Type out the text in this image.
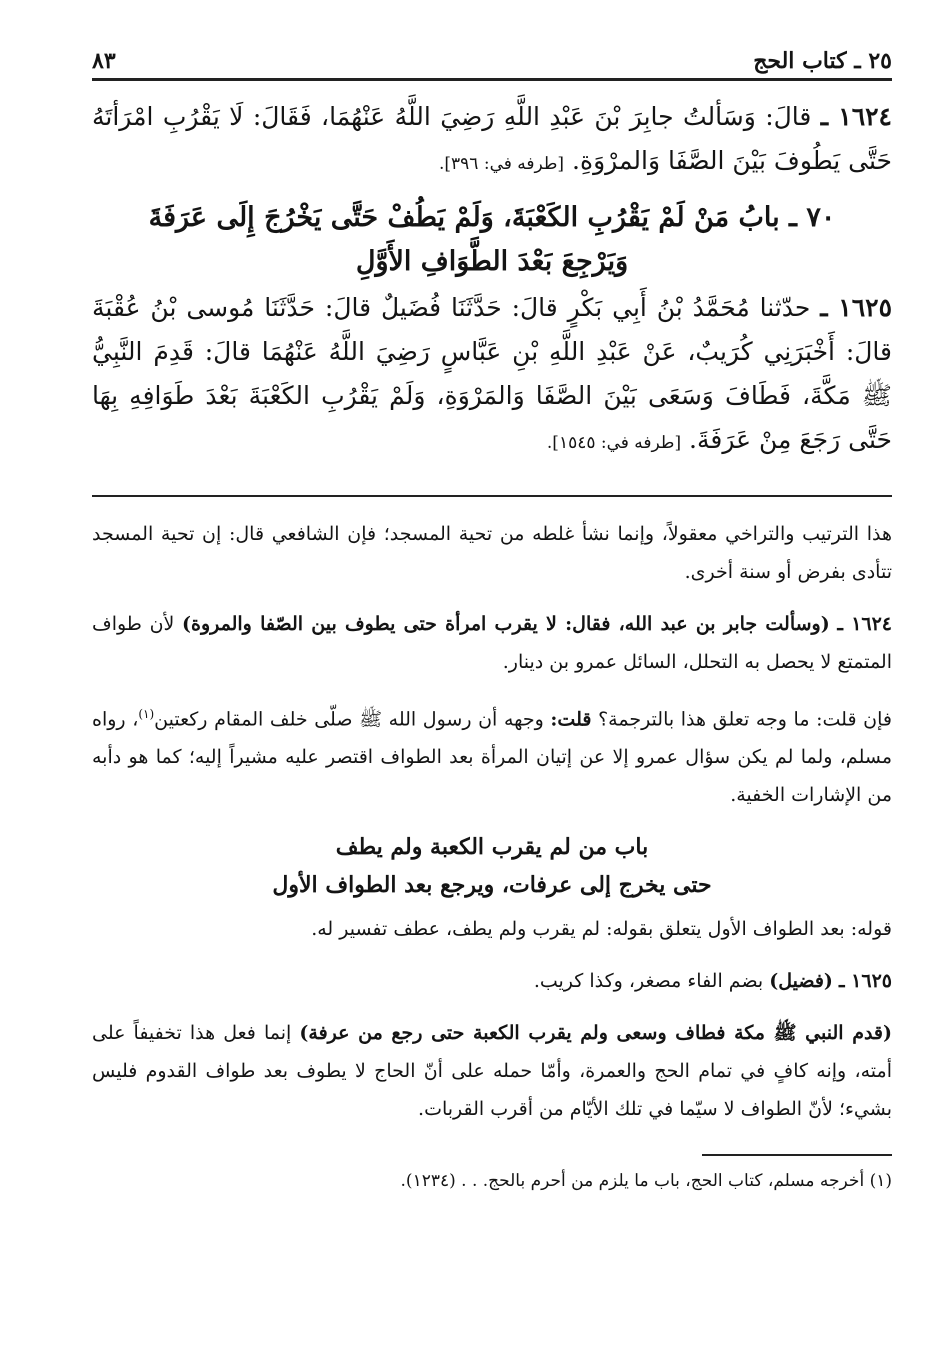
٢٥ ـ كتاب الحج
٨٣

١٦٢٤ ـ قالَ: وَسَألتُ جابِرَ بْنَ عَبْدِ اللَّهِ رَضِيَ اللَّهُ عَنْهُمَا، فَقَالَ: لَا يَقْرُبِ امْرَأتَهُ حَتَّى يَطُوفَ بَيْنَ الصَّفَا وَالمرْوَةِ. [طرفه في: ٣٩٦].

٧٠ ـ بابُ مَنْ لَمْ يَقْرُبِ الكَعْبَةَ، وَلَمْ يَطُفْ حَتَّى يَخْرُجَ إِلَى عَرَفَةَ
وَيَرْجِعَ بَعْدَ الطَّوَافِ الأَوَّلِ

١٦٢٥ ـ حدّثنا مُحَمَّدُ بْنُ أَبِي بَكْرٍ قالَ: حَدَّثَنَا فُضَيلٌ قالَ: حَدَّثَنَا مُوسى بْنُ عُقْبَةَ قالَ: أَخْبَرَنِي كُرَيبٌ، عَنْ عَبْدِ اللَّهِ بْنِ عَبَّاسٍ رَضِيَ اللَّهُ عَنْهُمَا قالَ: قَدِمَ النَّبِيُّ ﷺ مَكَّةَ، فَطَافَ وَسَعَى بَيْنَ الصَّفَا وَالمَرْوَةِ، وَلَمْ يَقْرُبِ الكَعْبَةَ بَعْدَ طَوَافِهِ بِهَا حَتَّى رَجَعَ مِنْ عَرَفَةَ. [طرفه في: ١٥٤٥].

هذا الترتيب والتراخي معقولاً، وإنما نشأ غلطه من تحية المسجد؛ فإن الشافعي قال: إن تحية المسجد تتأدى بفرض أو سنة أخرى.

١٦٢٤ ـ (وسألت جابر بن عبد الله، فقال: لا يقرب امرأة حتى يطوف بين الصّفا والمروة) لأن طواف المتمتع لا يحصل به التحلل، السائل عمرو بن دينار.

فإن قلت: ما وجه تعلق هذا بالترجمة؟ قلت: وجهه أن رسول الله ﷺ صلّى خلف المقام ركعتين$^{(١)}$، رواه مسلم، ولما لم يكن سؤال عمرو إلا عن إتيان المرأة بعد الطواف اقتصر عليه مشيراً إليه؛ كما هو دأبه من الإشارات الخفية.

باب من لم يقرب الكعبة ولم يطف
حتى يخرج إلى عرفات، ويرجع بعد الطواف الأول

قوله: بعد الطواف الأول يتعلق بقوله: لم يقرب ولم يطف، عطف تفسير له.

١٦٢٥ ـ (فضيل) بضم الفاء مصغر، وكذا كريب.

(قدم النبي ﷺ مكة فطاف وسعى ولم يقرب الكعبة حتى رجع من عرفة) إنما فعل هذا تخفيفاً على أمته، وإنه كافٍ في تمام الحج والعمرة، وأمّا حمله على أنّ الحاج لا يطوف بعد طواف القدوم فليس بشيء؛ لأنّ الطواف لا سيّما في تلك الأيّام من أقرب القربات.

(١) أخرجه مسلم، كتاب الحج، باب ما يلزم من أحرم بالحج. . . (١٢٣٤).
